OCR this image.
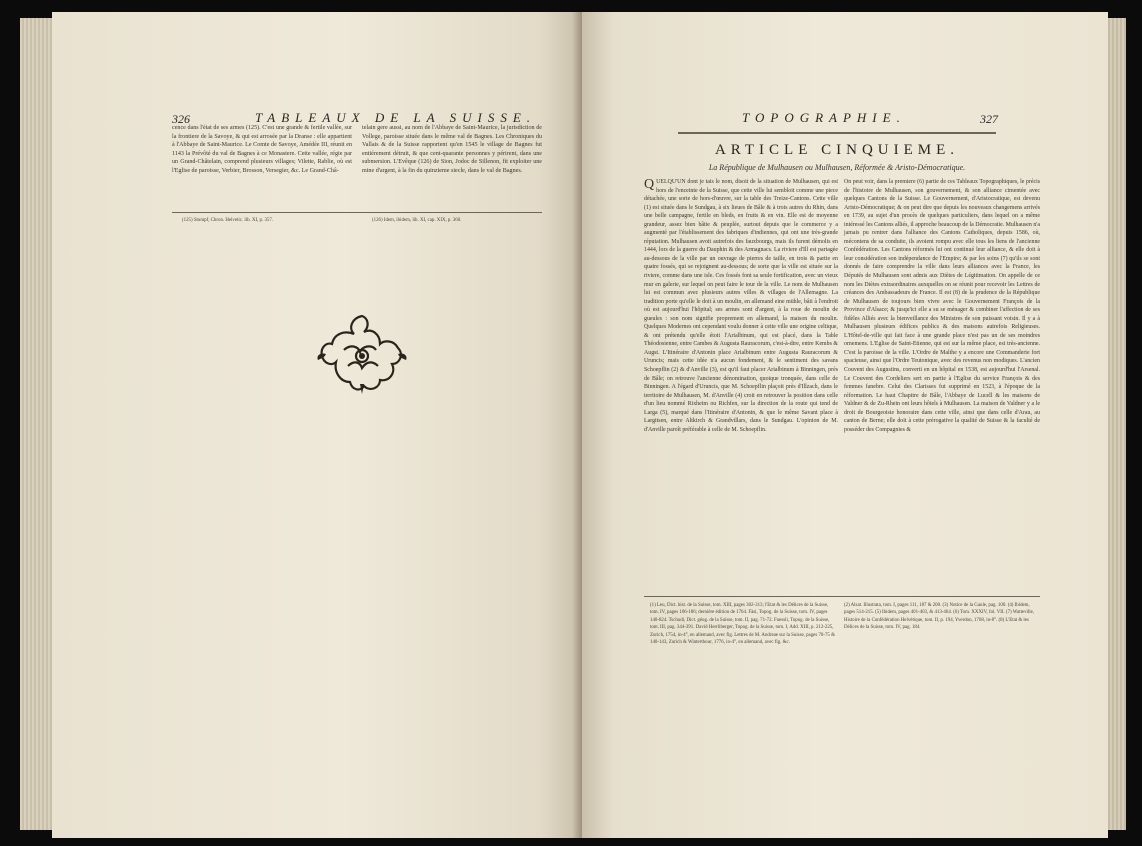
326	TABLEAUX DE LA SUISSE.
cence dans l'état de ses armes (125). C'est une grande & fertile vallée, sur la frontiere de la Savoye, & qui est arrosée par la Dranse : elle appartient à l'Abbaye de Saint-Maurice. Le Comte de Savoye, Amédée III, réunit en 1143 la Prévôté du val de Bagnes à ce Monastere. Cette vallée, régie par un Grand-Châtelain, comprend plusieurs villages; Vilette, Rablie, où est l'Eglise de paroisse, Verbier, Brosson, Versegier, &c. Le Grand-Châ-
telain gere aussi, au nom de l'Abbaye de Saint-Maurice, la jurisdiction de Vollege, paroisse située dans le même val de Bagnes. Les Chroniques du Vallais & de la Suisse rapportent qu'en 1545 le village de Bagnes fut entiérement détruit, & que cent-quarante personnes y périrent, dans une submersion. L'Evêque (126) de Sion, Jodoc de Sillenon, fit exploiter une mine d'argent, à la fin du quinzieme siecle, dans le val de Bagnes.
(125) Stumpf, Chron. Helvetic. lib. XI, p. 357.	(126) Idem, ibidem, lib. XI, cap. XIX, p. 360.
TOPOGRAPHIE.	327
ARTICLE CINQUIEME.
La République de Mulhausen ou Mulhausen, Réformée & Aristo-Démocratique.
QUELQU'UN dont je tais le nom, disoit de la situation de Mulhausen, qui est hors de l'enceinte de la Suisse, que cette ville lui sembloit comme une piece détachée, une sorte de hors-d'œuvre, sur la table des Treize-Cantons. Cette ville (1) est située dans le Sundgau, à six lieues de Bâle & à trois autres du Rhin, dans une belle campagne, fertile en bleds, en fruits & en vin. Elle est de moyenne grandeur, assez bien bâtie & peuplée, surtout depuis que le commerce y a augmenté par l'établissement des fabriques d'indiennes, qui ont une très-grande réputation. Mulhausen avoit autrefois des fauxbourgs, mais ils furent démolis en 1444, lors de la guerre du Dauphin & des Armagnacs. La riviere d'Ill est partagée au-dessous de la ville par un ouvrage de pierres de taille, en trois & partie en quatre fossés, qui se rejoignent au-dessous; de sorte que la ville est située sur la riviere, comme dans une isle. Ces fossés font sa seule fortification, avec un vieux mur en galerie, sur lequel on peut faire le tour de la ville. Le nom de Mulhausen lui est commun avec plusieurs autres villes & villages de l'Allemagne. La tradition porte qu'elle le doit à un moulin, en allemand eine mühle, bâti à l'endroit où est aujourd'hui l'hôpital; ses armes sont d'argent, à la roue de moulin de gueules : son nom signifie proprement en allemand, la maison du moulin. Quelques Modernes ont cependant voulu donner à cette ville une origine celtique, & ont prétendu qu'elle étoit l'Arialbinum, qui est placé, dans la Table Théodosienne, entre Cambes & Augusta Rauracorum, c'est-à-dire, entre Kembs & Augst. L'Itinéraire d'Antonin place Arialbinum entre Augusta Rauracorum & Uruncis; mais cette idée n'a aucun fondement, & le sentiment des savans Schoepflin (2) & d'Anville (3), est qu'il faut placer Arialbinum à Binningen, près de Bâle; on retrouve l'ancienne dénomination, quoique tronquée, dans celle de Binningen. A l'égard d'Uruncis, que M. Schoepflin plaçoit près d'Illzach, dans le territoire de Mulhausen, M. d'Anville (4) croit en retrouver la position dans celle d'un lieu nommé Rixheim ou Richfen, sur la direction de la route qui tend de Larga (5), marqué dans l'Itinéraire d'Antonin, & que le même Savant place à Largitsen, entre Altkirch & Grandvillars, dans le Sundgau. L'opinion de M. d'Anville paroît préférable à celle de M. Schoepflin.
On peut voir, dans la premiere (6) partie de ces Tableaux Topographiques, le précis de l'histoire de Mulhausen, son gouvernement, & son alliance cimentée avec quelques Cantons de la Suisse. Le Gouvernement, d'Aristocratique, est devenu Aristo-Démocratique; & on peut dire que depuis les nouveaux changemens arrivés en 1739, au sujet d'un procès de quelques particuliers, dans lequel on a même intéressé les Cantons alliés, il approche beaucoup de la Démocratie. Mulhausen n'a jamais pu rentrer dans l'alliance des Cantons Catholiques, depuis 1586, où, mécontens de sa conduite, ils avoient rompu avec elle tous les liens de l'ancienne Confédération. Les Cantons réformés lui ont continué leur alliance, & elle doit à leur considération son indépendance de l'Empire; & par les soins (7) qu'ils se sont donnés de faire comprendre la ville dans leurs alliances avec la France, les Députés de Mulhausen sont admis aux Diètes de Légitimation. On appelle de ce nom les Diètes extraordinaires auxquelles on se réunit pour recevoir les Lettres de créances des Ambassadeurs de France. Il est (8) de la prudence de la République de Mulhausen de toujours bien vivre avec le Gouvernement François de la Province d'Alsace; & jusqu'ici elle a su se ménager & combiner l'affection de ses fidèles Alliés avec la bienveillance des Ministres de son puissant voisin. Il y a à Mulhausen plusieurs édifices publics & des maisons autrefois Religieuses. L'Hôtel-de-ville qui fait face à une grande place n'est pas un de ses moindres ornemens. L'Eglise de Saint-Etienne, qui est sur la même place, est très-ancienne. C'est la paroisse de la ville. L'Ordre de Malthe y a encore une Commanderie fort spacieuse, ainsi que l'Ordre Teutonique, avec des revenus non modiques. L'ancien Couvent des Augustins, converti en un hôpital en 1538, est aujourd'hui l'Arsenal. Le Couvent des Cordeliers sert en partie à l'Eglise du service François & des femmes fanebre. Celui des Clarisses fut supprimé en 1523, à l'époque de la réformation. Le haut Chapitre de Bâle, l'Abbaye de Lucell & les maisons de Valdner & de Zu-Rhein ont leurs hôtels à Mulhausen. La maison de Valdner y a le droit de Bourgeoisie honoraire dans cette ville, ainsi que dans celle d'Arau, au canton de Berne; elle doit à cette prérogative la qualité de Suisse & la faculté de posséder des Compagnies &
(1) Leu, Dict. hist. de la Suisse, tom. XIII, pages 302-313; l'Etat & les Délices de la Suisse, tom. IV, pages 166-186; dernière édition de 1764. Fäsi, Topog. de la Suisse, tom. IV, pages 140-824. Tschudi, Dict. géog. de la Suisse, tom. II, pag. 71-72. Fuessli, Topog. de la Suisse, tom. III, pag. 344-391. David Herrliberger, Topog. de la Suisse, tom. I, Add. XIII, p. 212-225, Zurich, 1754, in-4°, en allemand, avec fig. Lettres de M. Andreae sur la Suisse, pages 70-75 & 140-143, Zurich & Winterthour, 1776, in-4°, en allemand, avec fig. &c.
(2) Alsat. Illustrata, tom. I, pages 111, 187 & 200. (3) Notice de la Gaule, pag. 100. (4) Ibidem, pages 514-215. (5) Ibidem, pages 401-403, & 413-464. (6) Tom. XXXIV, fol. VII. (7) Watteville, Histoire de la Confédération Helvétique, tom. II, p. 194, Yverdon, 1768, in-8°. (8) L'Etat & les Délices de la Suisse, tom. IV, pag. 184.
